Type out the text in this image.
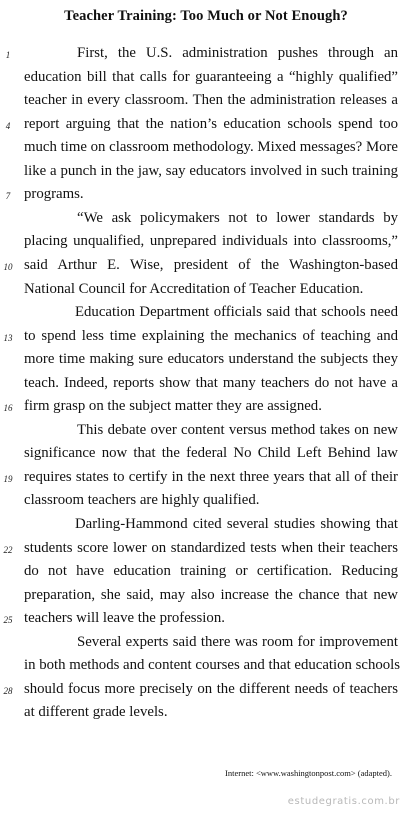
Teacher Training: Too Much or Not Enough?
First, the U.S. administration pushes through an
education bill that calls for guaranteeing a “highly qualified”
teacher in every classroom. Then the administration releases a
report arguing that the nation’s education schools spend too
much time on classroom methodology. Mixed messages? More
like a punch in the jaw, say educators involved in such training
programs.
“We ask policymakers not to lower standards by
placing unqualified, unprepared individuals into classrooms,”
said Arthur E. Wise, president of the Washington-based
National Council for Accreditation of Teacher Education.
Education Department officials said that schools need
to spend less time explaining the mechanics of teaching and
more time making sure educators understand the subjects they
teach. Indeed, reports show that many teachers do not have a
firm grasp on the subject matter they are assigned.
This debate over content versus method takes on new
significance now that the federal No Child Left Behind law
requires states to certify in the next three years that all of their
classroom teachers are highly qualified.
Darling-Hammond cited several studies showing that
students score lower on standardized tests when their teachers
do not have education training or certification. Reducing
preparation, she said, may also increase the chance that new
teachers will leave the profession.
Several experts said there was room for improvement
in both methods and content courses and that education schools
should focus more precisely on the different needs of teachers
at different grade levels.
1
4
7
10
13
16
19
22
25
28
Internet: <www.washingtonpost.com> (adapted).
estudegratis.com.br
